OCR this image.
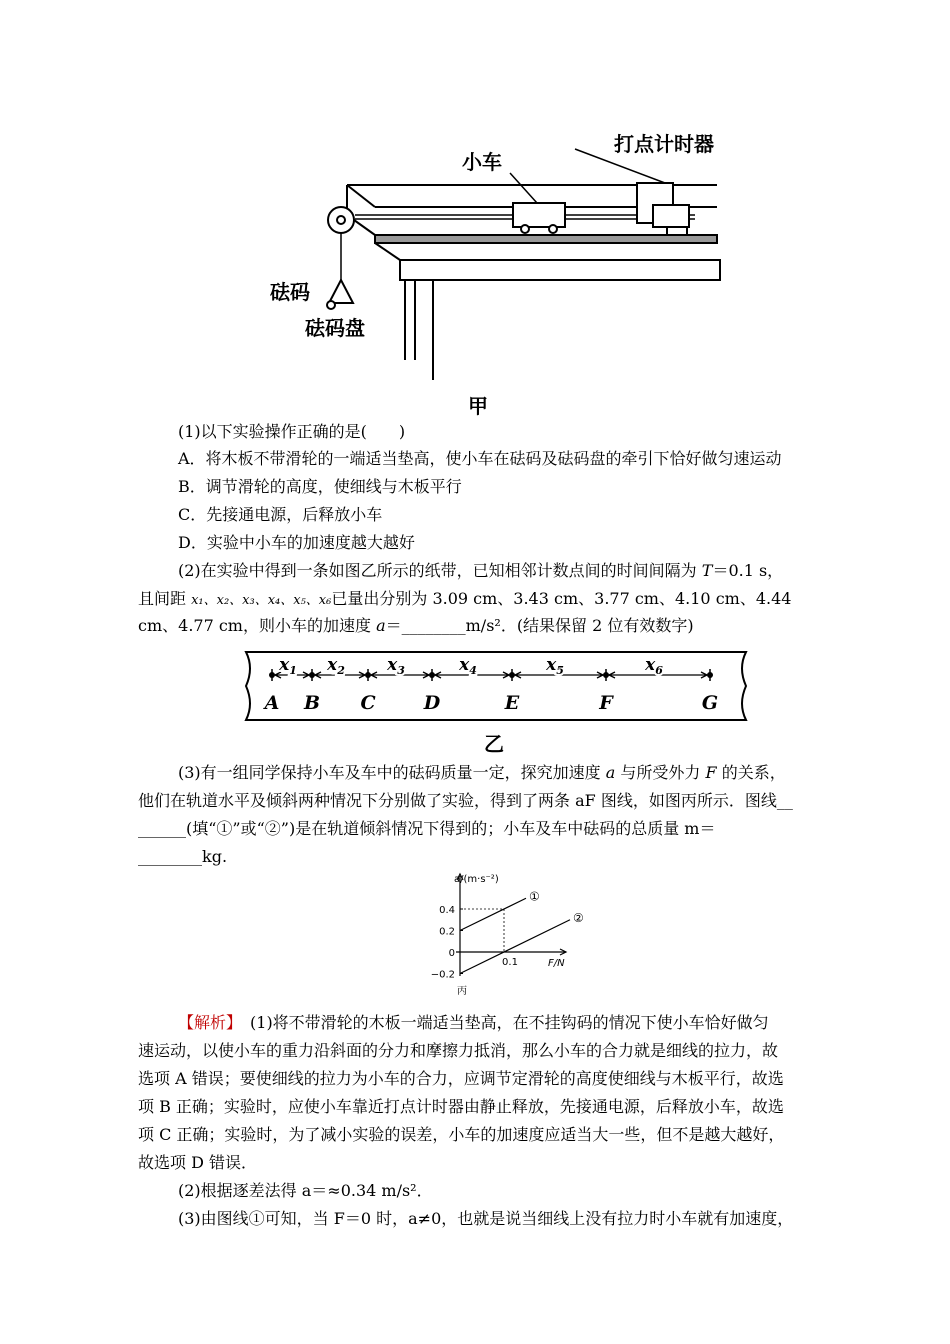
小车
打点计时器
砝码
砝码盘
甲
(1)以下实验操作正确的是(　　)
A．将木板不带滑轮的一端适当垫高，使小车在砝码及砝码盘的牵引下恰好做匀速运动
B．调节滑轮的高度，使细线与木板平行
C．先接通电源，后释放小车
D．实验中小车的加速度越大越好
(2)在实验中得到一条如图乙所示的纸带，已知相邻计数点间的时间间隔为 T＝0.1 s，
且间距 x₁、x₂、x₃、x₄、x₅、x₆已量出分别为 3.09 cm、3.43 cm、3.77 cm、4.10 cm、4.44
cm、4.77 cm，则小车的加速度 a＝________m/s²．(结果保留 2 位有效数字)
A B C	D	E	F	G
$x_1$ $x_2$ $x_3$	$x_4$	$x_5$	$x_6$
乙
(3)有一组同学保持小车及车中的砝码质量一定，探究加速度 a 与所受外力 F 的关系，
他们在轨道水平及倾斜两种情况下分别做了实验，得到了两条 aF 图线，如图丙所示．图线__
______(填“①”或“②”)是在轨道倾斜情况下得到的；小车及车中砝码的总质量 m＝
________kg.
①
②
0.4
0.2
0
−0.2
0.1	F/N
a/(m·s⁻²)
丙
【解析】　(1)将不带滑轮的木板一端适当垫高，在不挂钩码的情况下使小车恰好做匀
速运动，以使小车的重力沿斜面的分力和摩擦力抵消，那么小车的合力就是细线的拉力，故
选项 A 错误；要使细线的拉力为小车的合力，应调节定滑轮的高度使细线与木板平行，故选
项 B 正确；实验时，应使小车靠近打点计时器由静止释放，先接通电源，后释放小车，故选
项 C 正确；实验时，为了减小实验的误差，小车的加速度应适当大一些，但不是越大越好，
故选项 D 错误．
(2)根据逐差法得 a＝≈0.34 m/s²．
(3)由图线①可知，当 F＝0 时，a≠0，也就是说当细线上没有拉力时小车就有加速度，
